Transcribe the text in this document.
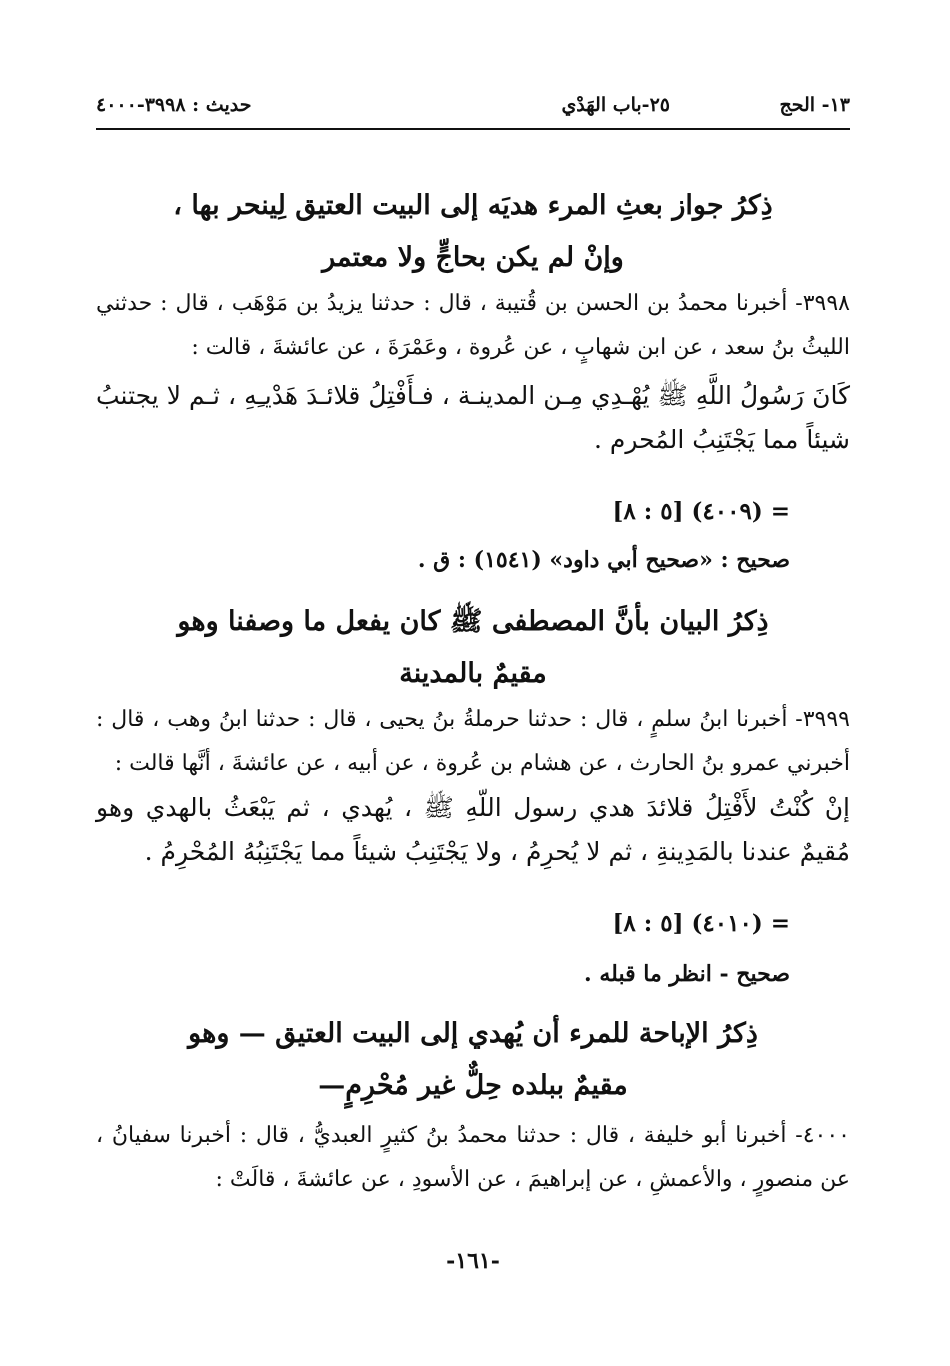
١٣- الحج
٢٥-باب الهَدْي
حديث : ٣٩٩٨-٤٠٠٠
ذِكرُ جواز بعثِ المرء هديَه إلى البيت العتيق لِينحر بها ،
وإنْ لم يكن بحاجٍّ ولا معتمر
٣٩٩٨- أخبرنا محمدُ بن الحسن بن قُتيبة ، قال : حدثنا يزيدُ بن مَوْهَب ، قال : حدثني الليثُ بنُ سعد ، عن ابن شهابٍ ، عن عُروة ، وعَمْرَةَ ، عن عائشةَ ، قالت :
كَانَ رَسُولُ اللَّهِ ﷺ يُهْـدِي مِـن المدينـة ، فـأَفْتِلُ قلائـدَ هَدْيـِهِ ، ثـم لا يجتنبُ شيئاً مما يَجْتَنِبُ المُحرم .
= (٤٠٠٩) [٥ : ٨]
صحيح : «صحيح أبي داود» (١٥٤١) : ق .
ذِكرُ البيان بأنَّ المصطفى ﷺ كان يفعل ما وصفنا وهو
مقيمٌ بالمدينة
٣٩٩٩- أخبرنا ابنُ سلمٍ ، قال : حدثنا حرملةُ بنُ يحيى ، قال : حدثنا ابنُ وهب ، قال : أخبرني عمرو بنُ الحارث ، عن هشام بن عُروة ، عن أبيه ، عن عائشةَ ، أنَّها قالت :
إنْ كُنْتُ لأَفْتِلُ قلائدَ هدي رسول اللّهِ ﷺ ، يُهدي ، ثم يَبْعَثُ بالهدي وهو مُقيمٌ عندنا بالمَدِينةِ ، ثم لا يُحرِمُ ، ولا يَجْتَنِبُ شيئاً مما يَجْتَنِبُهُ المُحْرِمُ .
= (٤٠١٠) [٥ : ٨]
صحيح - انظر ما قبله .
ذِكرُ الإباحة للمرء أن يُهدي إلى البيت العتيق — وهو
مقيمٌ ببلده حِلٌّ غير مُحْرِمٍ—
٤٠٠٠- أخبرنا أبو خليفة ، قال : حدثنا محمدُ بنُ كثيرٍ العبديُّ ، قال : أخبرنا سفيانُ ، عن منصورٍ ، والأعمشِ ، عن إبراهيمَ ، عن الأسودِ ، عن عائشةَ ، قالَتْ :
-١٦١-
